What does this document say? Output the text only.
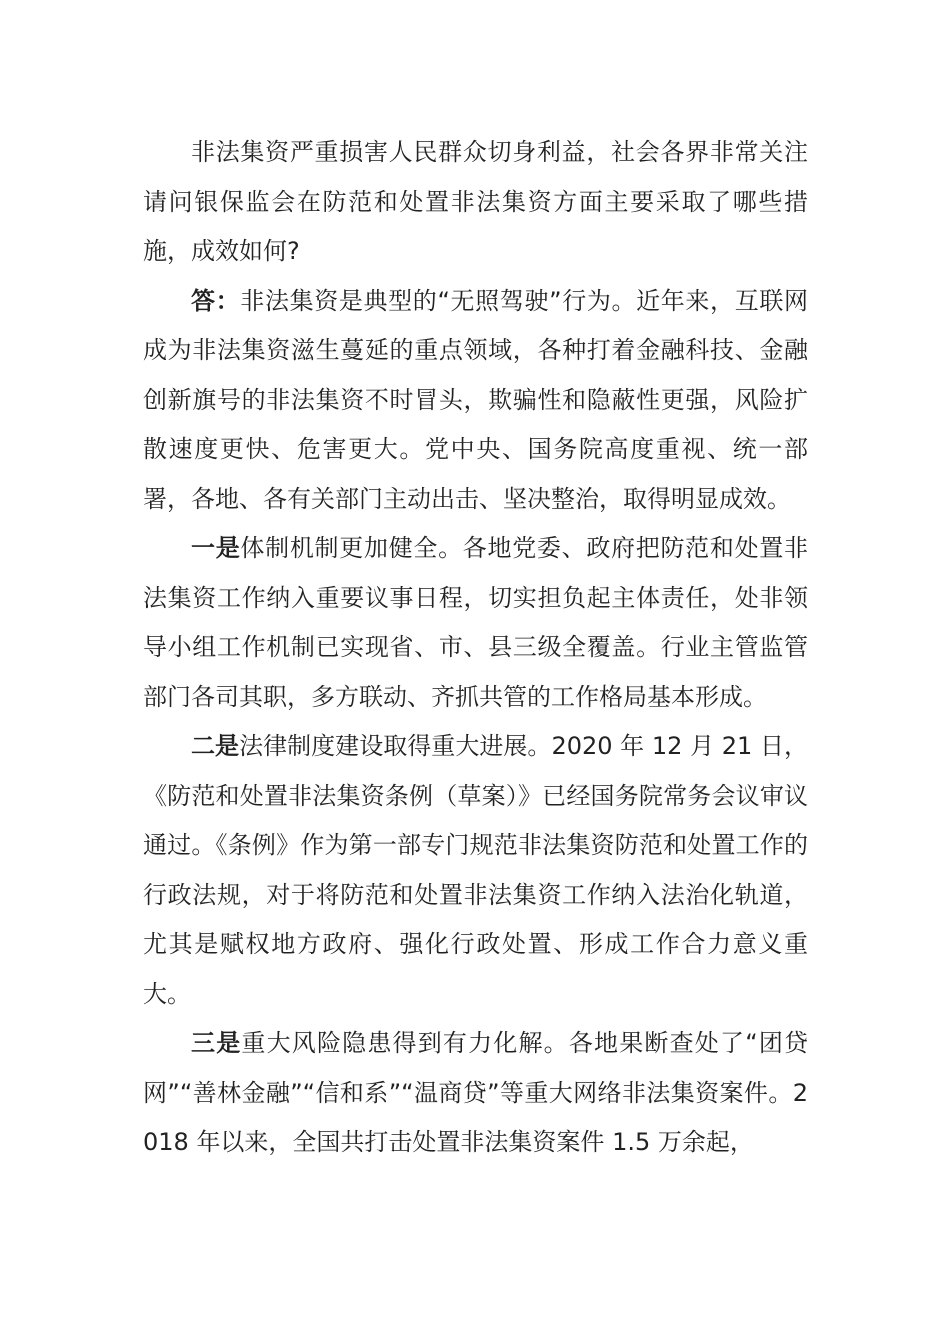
非法集资严重损害人民群众切身利益，社会各界非常关注请问银保监会在防范和处置非法集资方面主要采取了哪些措施，成效如何?

答：非法集资是典型的“无照驾驶”行为。近年来，互联网成为非法集资滋生蔓延的重点领域，各种打着金融科技、金融创新旗号的非法集资不时冒头，欺骗性和隐蔽性更强，风险扩散速度更快、危害更大。党中央、国务院高度重视、统一部署，各地、各有关部门主动出击、坚决整治，取得明显成效。

一是体制机制更加健全。各地党委、政府把防范和处置非法集资工作纳入重要议事日程，切实担负起主体责任，处非领导小组工作机制已实现省、市、县三级全覆盖。行业主管监管部门各司其职，多方联动、齐抓共管的工作格局基本形成。

二是法律制度建设取得重大进展。2020 年 12 月 21 日，《防范和处置非法集资条例（草案）》已经国务院常务会议审议通过。《条例》作为第一部专门规范非法集资防范和处置工作的行政法规，对于将防范和处置非法集资工作纳入法治化轨道，尤其是赋权地方政府、强化行政处置、形成工作合力意义重大。

三是重大风险隐患得到有力化解。各地果断查处了“团贷网”“善林金融”“信和系”“温商贷”等重大网络非法集资案件。2018 年以来，全国共打击处置非法集资案件 1.5 万余起，
